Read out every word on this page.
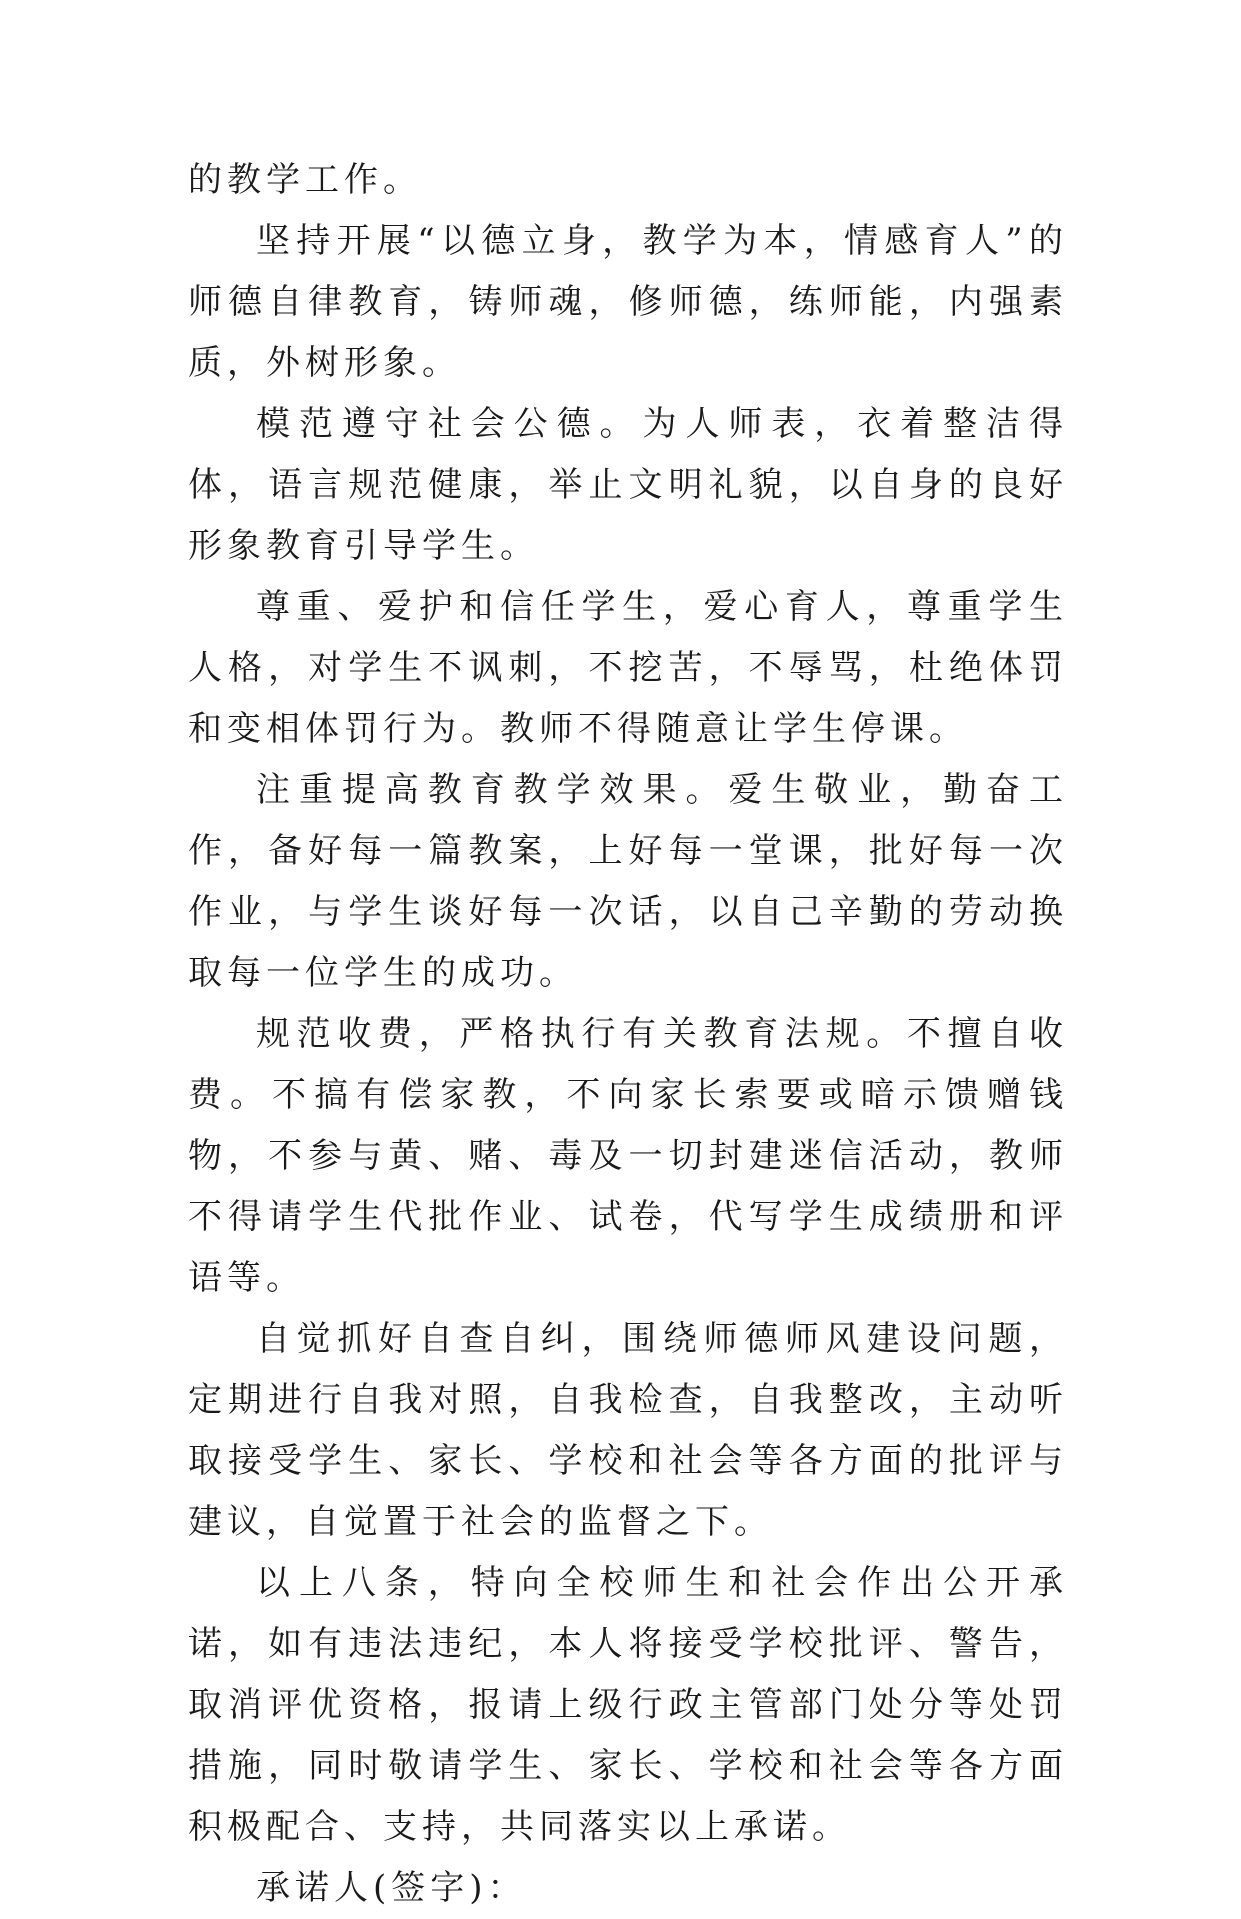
的教学工作。

坚持开展“以德立身，教学为本，情感育人”的师德自律教育，铸师魂，修师德，练师能，内强素质，外树形象。

模范遵守社会公德。为人师表，衣着整洁得体，语言规范健康，举止文明礼貌，以自身的良好形象教育引导学生。

尊重、爱护和信任学生，爱心育人，尊重学生人格，对学生不讽刺，不挖苦，不辱骂，杜绝体罚和变相体罚行为。教师不得随意让学生停课。

注重提高教育教学效果。爱生敬业，勤奋工作，备好每一篇教案，上好每一堂课，批好每一次作业，与学生谈好每一次话，以自己辛勤的劳动换取每一位学生的成功。

规范收费，严格执行有关教育法规。不擅自收费。不搞有偿家教，不向家长索要或暗示馈赠钱物，不参与黄、赌、毒及一切封建迷信活动，教师不得请学生代批作业、试卷，代写学生成绩册和评语等。

自觉抓好自查自纠，围绕师德师风建设问题，定期进行自我对照，自我检查，自我整改，主动听取接受学生、家长、学校和社会等各方面的批评与建议，自觉置于社会的监督之下。

以上八条，特向全校师生和社会作出公开承诺，如有违法违纪，本人将接受学校批评、警告，取消评优资格，报请上级行政主管部门处分等处罚措施，同时敬请学生、家长、学校和社会等各方面积极配合、支持，共同落实以上承诺。

承诺人(签字)：
